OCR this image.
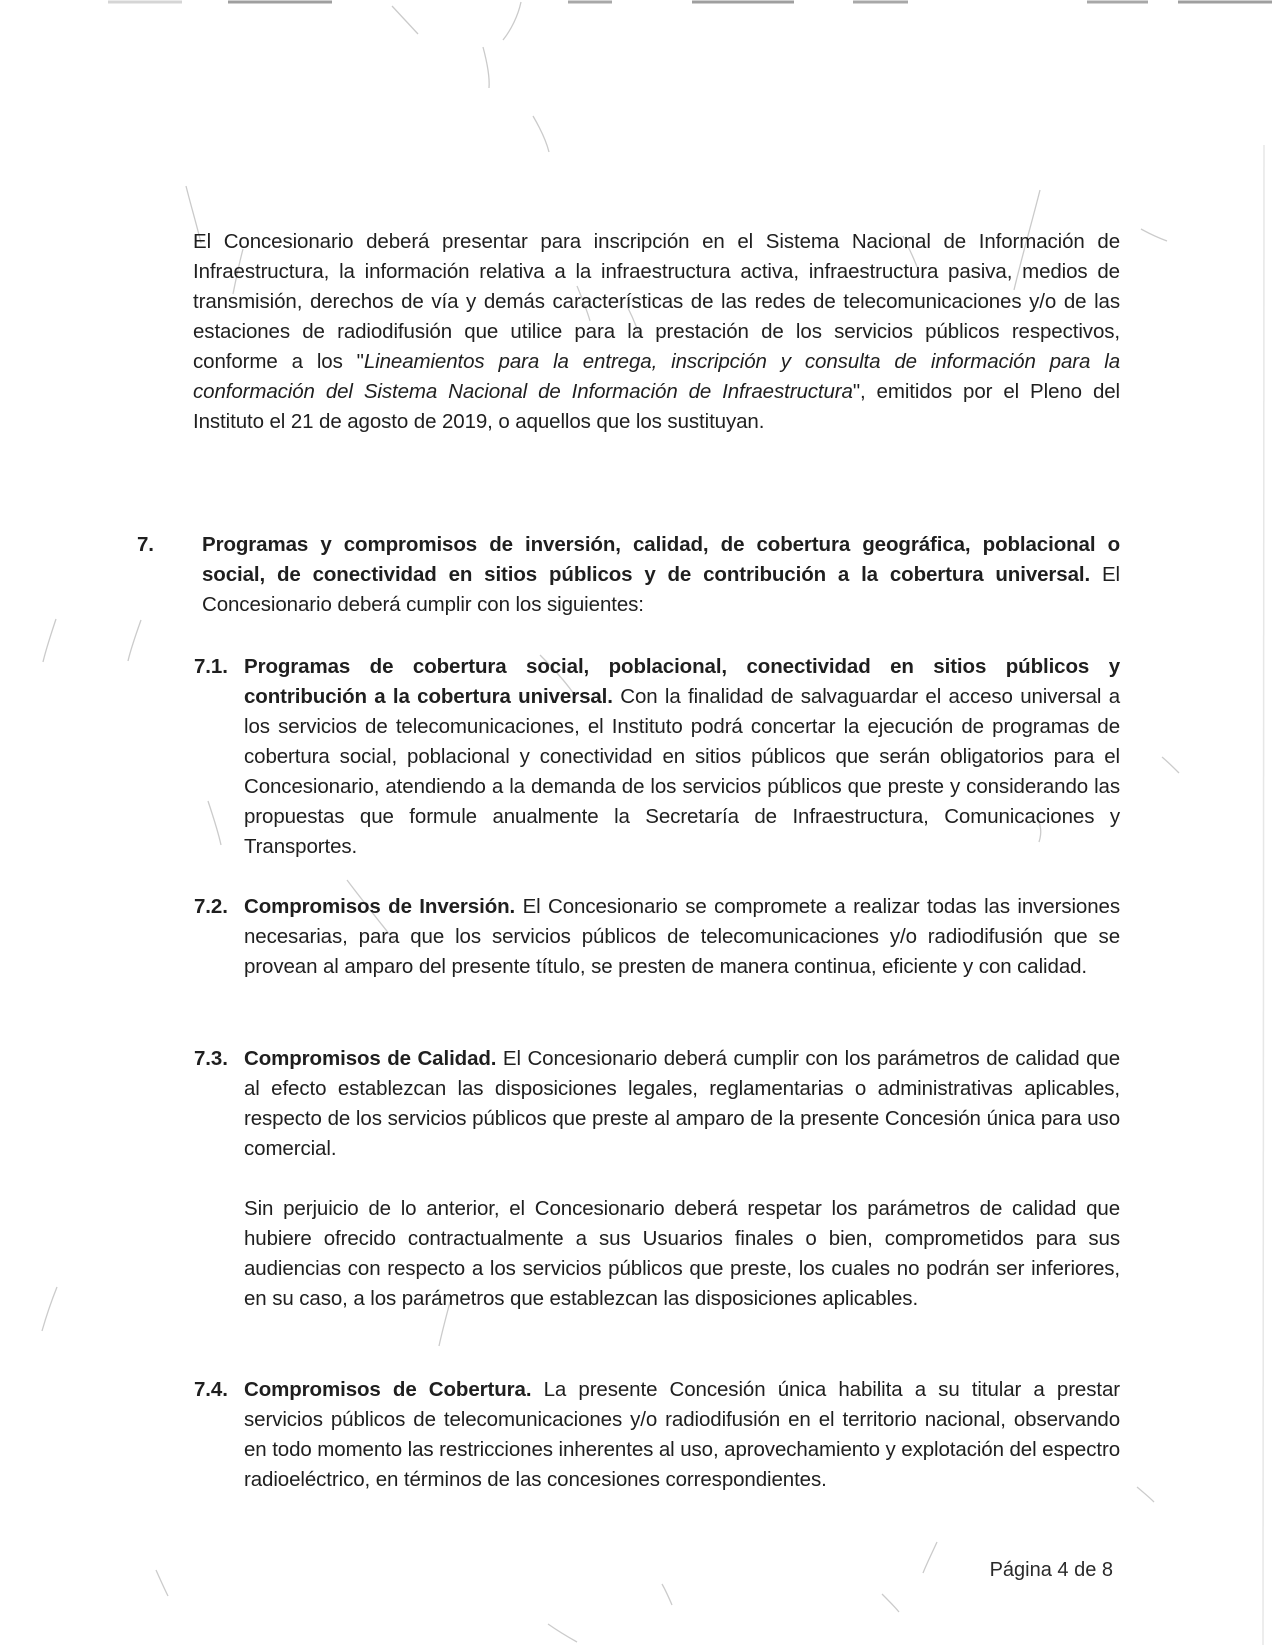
El Concesionario deberá presentar para inscripción en el Sistema Nacional de Información de Infraestructura, la información relativa a la infraestructura activa, infraestructura pasiva, medios de transmisión, derechos de vía y demás características de las redes de telecomunicaciones y/o de las estaciones de radiodifusión que utilice para la prestación de los servicios públicos respectivos, conforme a los "Lineamientos para la entrega, inscripción y consulta de información para la conformación del Sistema Nacional de Información de Infraestructura", emitidos por el Pleno del Instituto el 21 de agosto de 2019, o aquellos que los sustituyan.
7.	Programas y compromisos de inversión, calidad, de cobertura geográfica, poblacional o social, de conectividad en sitios públicos y de contribución a la cobertura universal. El Concesionario deberá cumplir con los siguientes:
7.1. Programas de cobertura social, poblacional, conectividad en sitios públicos y contribución a la cobertura universal. Con la finalidad de salvaguardar el acceso universal a los servicios de telecomunicaciones, el Instituto podrá concertar la ejecución de programas de cobertura social, poblacional y conectividad en sitios públicos que serán obligatorios para el Concesionario, atendiendo a la demanda de los servicios públicos que preste y considerando las propuestas que formule anualmente la Secretaría de Infraestructura, Comunicaciones y Transportes.
7.2. Compromisos de Inversión. El Concesionario se compromete a realizar todas las inversiones necesarias, para que los servicios públicos de telecomunicaciones y/o radiodifusión que se provean al amparo del presente título, se presten de manera continua, eficiente y con calidad.
7.3. Compromisos de Calidad. El Concesionario deberá cumplir con los parámetros de calidad que al efecto establezcan las disposiciones legales, reglamentarias o administrativas aplicables, respecto de los servicios públicos que preste al amparo de la presente Concesión única para uso comercial.
Sin perjuicio de lo anterior, el Concesionario deberá respetar los parámetros de calidad que hubiere ofrecido contractualmente a sus Usuarios finales o bien, comprometidos para sus audiencias con respecto a los servicios públicos que preste, los cuales no podrán ser inferiores, en su caso, a los parámetros que establezcan las disposiciones aplicables.
7.4. Compromisos de Cobertura. La presente Concesión única habilita a su titular a prestar servicios públicos de telecomunicaciones y/o radiodifusión en el territorio nacional, observando en todo momento las restricciones inherentes al uso, aprovechamiento y explotación del espectro radioeléctrico, en términos de las concesiones correspondientes.
Página 4 de 8
